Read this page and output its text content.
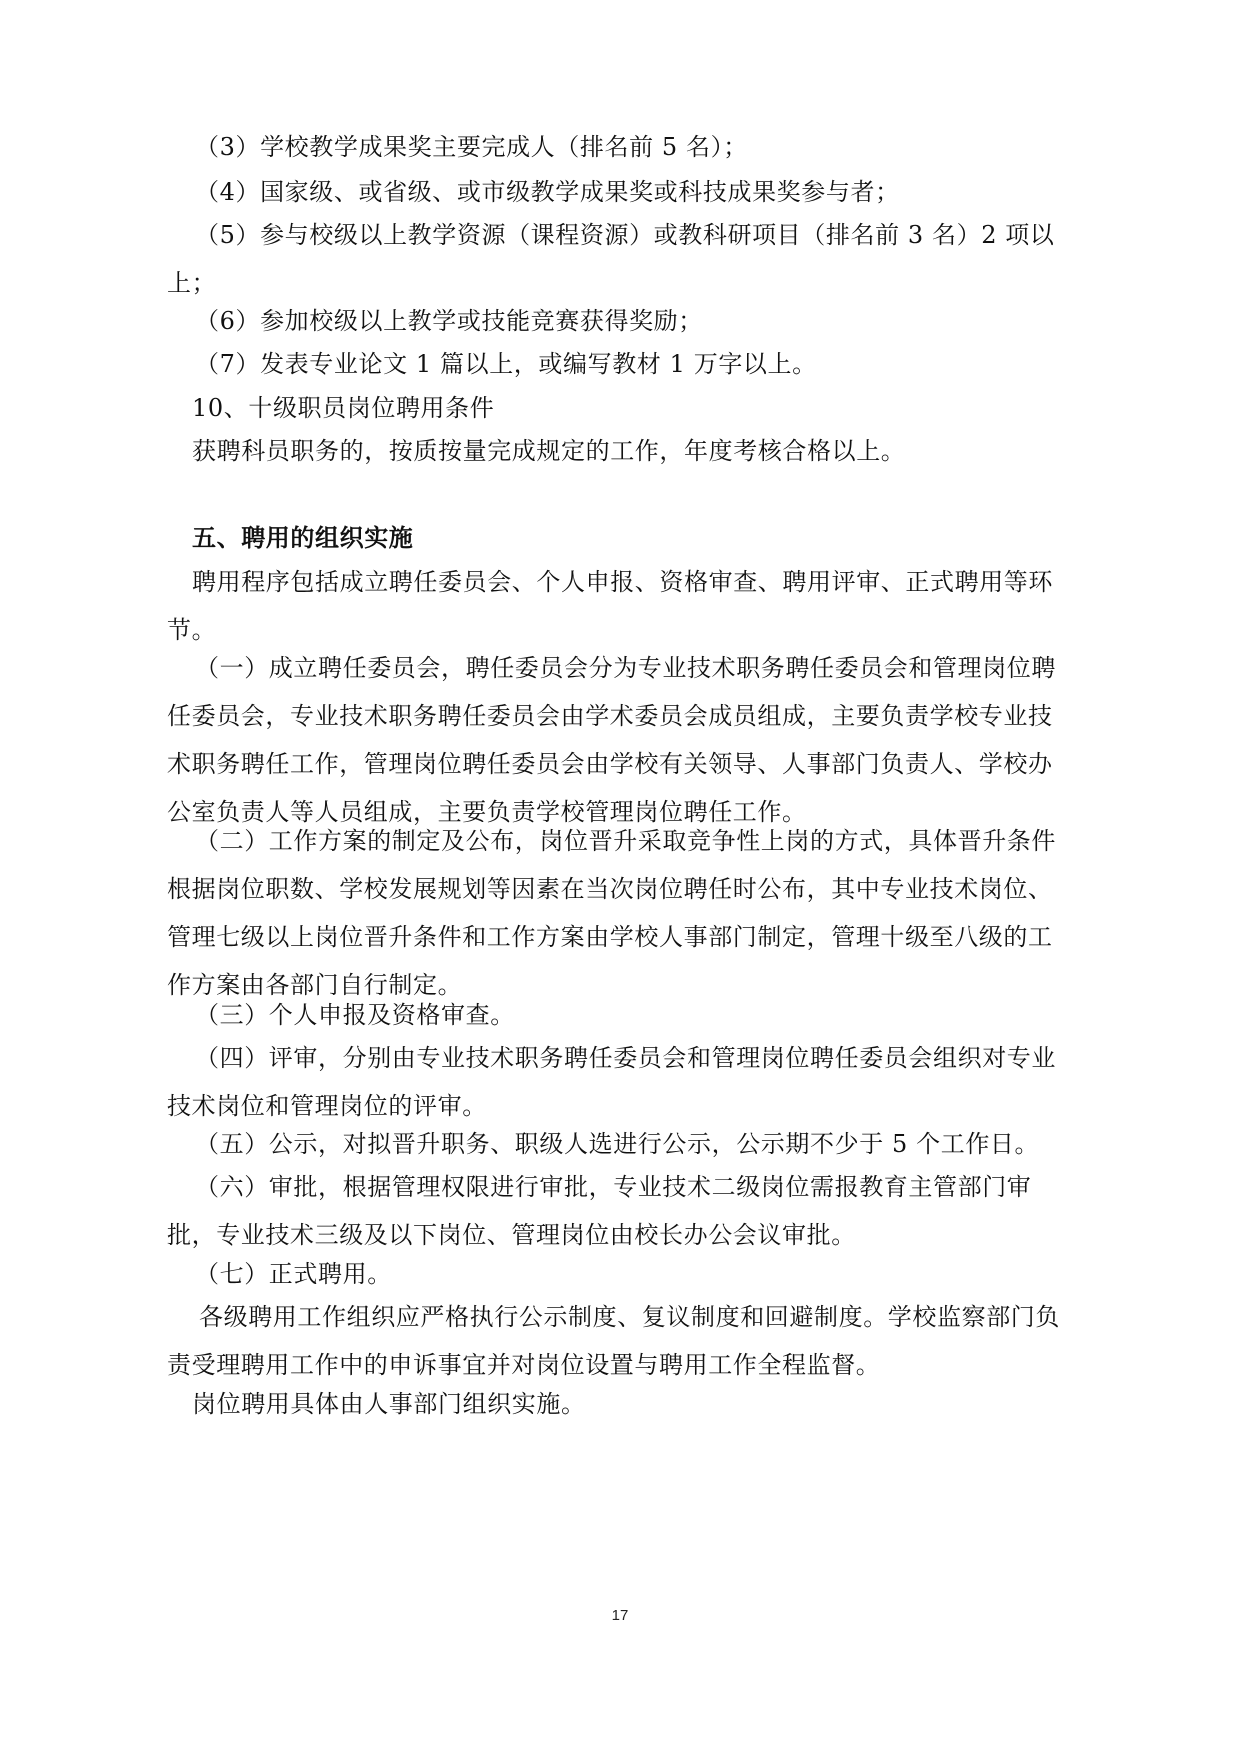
（3）学校教学成果奖主要完成人（排名前 5 名）；

（4）国家级、或省级、或市级教学成果奖或科技成果奖参与者；

（5）参与校级以上教学资源（课程资源）或教科研项目（排名前 3 名）2 项以上；

（6）参加校级以上教学或技能竞赛获得奖励；

（7）发表专业论文 1 篇以上，或编写教材 1 万字以上。

10、十级职员岗位聘用条件

获聘科员职务的，按质按量完成规定的工作，年度考核合格以上。

五、聘用的组织实施

聘用程序包括成立聘任委员会、个人申报、资格审查、聘用评审、正式聘用等环节。

（一）成立聘任委员会，聘任委员会分为专业技术职务聘任委员会和管理岗位聘任委员会，专业技术职务聘任委员会由学术委员会成员组成，主要负责学校专业技术职务聘任工作，管理岗位聘任委员会由学校有关领导、人事部门负责人、学校办公室负责人等人员组成，主要负责学校管理岗位聘任工作。

（二）工作方案的制定及公布，岗位晋升采取竞争性上岗的方式，具体晋升条件根据岗位职数、学校发展规划等因素在当次岗位聘任时公布，其中专业技术岗位、管理七级以上岗位晋升条件和工作方案由学校人事部门制定，管理十级至八级的工作方案由各部门自行制定。

（三）个人申报及资格审查。

（四）评审，分别由专业技术职务聘任委员会和管理岗位聘任委员会组织对专业技术岗位和管理岗位的评审。

（五）公示，对拟晋升职务、职级人选进行公示，公示期不少于 5 个工作日。

（六）审批，根据管理权限进行审批，专业技术二级岗位需报教育主管部门审批，专业技术三级及以下岗位、管理岗位由校长办公会议审批。

（七）正式聘用。

各级聘用工作组织应严格执行公示制度、复议制度和回避制度。学校监察部门负责受理聘用工作中的申诉事宜并对岗位设置与聘用工作全程监督。

岗位聘用具体由人事部门组织实施。

17
